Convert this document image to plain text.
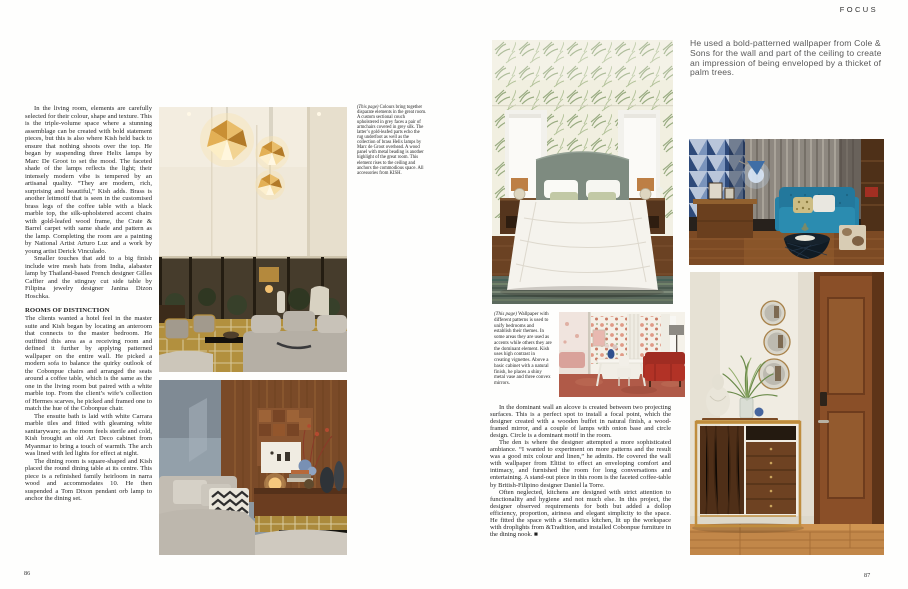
FOCUS

In the living room, elements are carefully selected for their colour, shape and texture. This is the triple-volume space where a stunning assemblage can be created with bold statement pieces, but this is also where Kish held back to ensure that nothing shoots over the top. He began by suspending three Helix lamps by Marc De Groot to set the mood. The faceted shade of the lamps reflects the light; their intensely modern vibe is tempered by an artisanal quality. “They are modern, rich, surprising and beautiful,” Kish adds. Brass is another leitmotif that is seen in the customised brass legs of the coffee table with a black marble top, the silk-upholstered accent chairs with gold-leafed wood frame, the Crate & Barrel carpet with same shade and pattern as the lamp. Completing the room are a painting by National Artist Arturo Luz and a work by young artist Derick Vinculado.

Smaller touches that add to a big finish include wire mesh hats from India, alabaster lamp by Thailand-based French designer Gilles Caffier and the stingray cut side table by Filipina jewelry designer Janina Dizon Hoschka.

ROOMS OF DISTINCTION

The clients wanted a hotel feel in the master suite and Kish began by locating an anteroom that connects to the master bedroom. He outfitted this area as a receiving room and defined it further by applying patterned wallpaper on the entire wall. He picked a modern sofa to balance the quirky outlook of the Cobonpue chairs and arranged the seats around a coffee table, which is the same as the one in the living room but paired with a white marble top. From the client’s wife’s collection of Hermes scarves, he picked and framed one to match the hue of the Cobonpue chair.

The ensuite bath is laid with white Carrara marble tiles and fitted with gleaming white sanitaryware; as the room feels sterile and cold, Kish brought an old Art Deco cabinet from Myanmar to bring a touch of warmth. The arch was lined with led lights for effect at night.

The dining room is square-shaped and Kish placed the round dining table at its centre. This piece is a refinished family heirloom in narra wood and accommodates 10. He then suspended a Tom Dixon pendant orb lamp to anchor the dining set.

(This page) Colours bring together disparate elements in the great room. A custom sectional couch upholstered in grey faces a pair of armchairs covered in grey silk. The latter’s gold-leafed parts echo the rug underfoot as well as the collection of brass Helix lamps by Marc de Groot overhead. A wood panel with metal beading is another highlight of the great room. This element rises to the ceiling and anchors the commodious space. All accessories from KISH.
86
He used a bold-patterned wallpaper from Cole & Sons for the wall and part of the ceiling to create an impression of being enveloped by a thicket of palm trees.
(This page) Wallpaper with different patterns is used to unify bedrooms and establish their themes. In some areas they are used as accents while others they are the dominant element. Kish uses high contrast in creating vignettes. Above a basic cabinet with a natural finish, he places a shiny metal vase and three convex mirrors.

In the dominant wall an alcove is created between two projecting surfaces. This is a perfect spot to install a focal point, which the designer created with a wooden buffet in natural finish, a wood-framed mirror, and a couple of lamps with onion base and circle design. Circle is a dominant motif in the room.

The den is where the designer attempted a more sophisticated ambiance. “I wanted to experiment on more patterns and the result was a good mix colour and linen,” he admits. He covered the wall with wallpaper from Elitist to effect an enveloping comfort and intimacy, and furnished the room for long conversations and entertaining. A stand-out piece in this room is the faceted coffee-table by British-Filipino designer Daniel la Torre.

Often neglected, kitchens are designed with strict attention to functionality and hygiene and not much else. In this project, the designer observed requirements for both but added a dollop efficiency, proportion, airiness and elegant simplicity to the space. He fitted the space with a Siematics kitchen, lit up the workspace with droplights from &Tradition, and installed Cobonpue furniture in the dining nook. ■

87
